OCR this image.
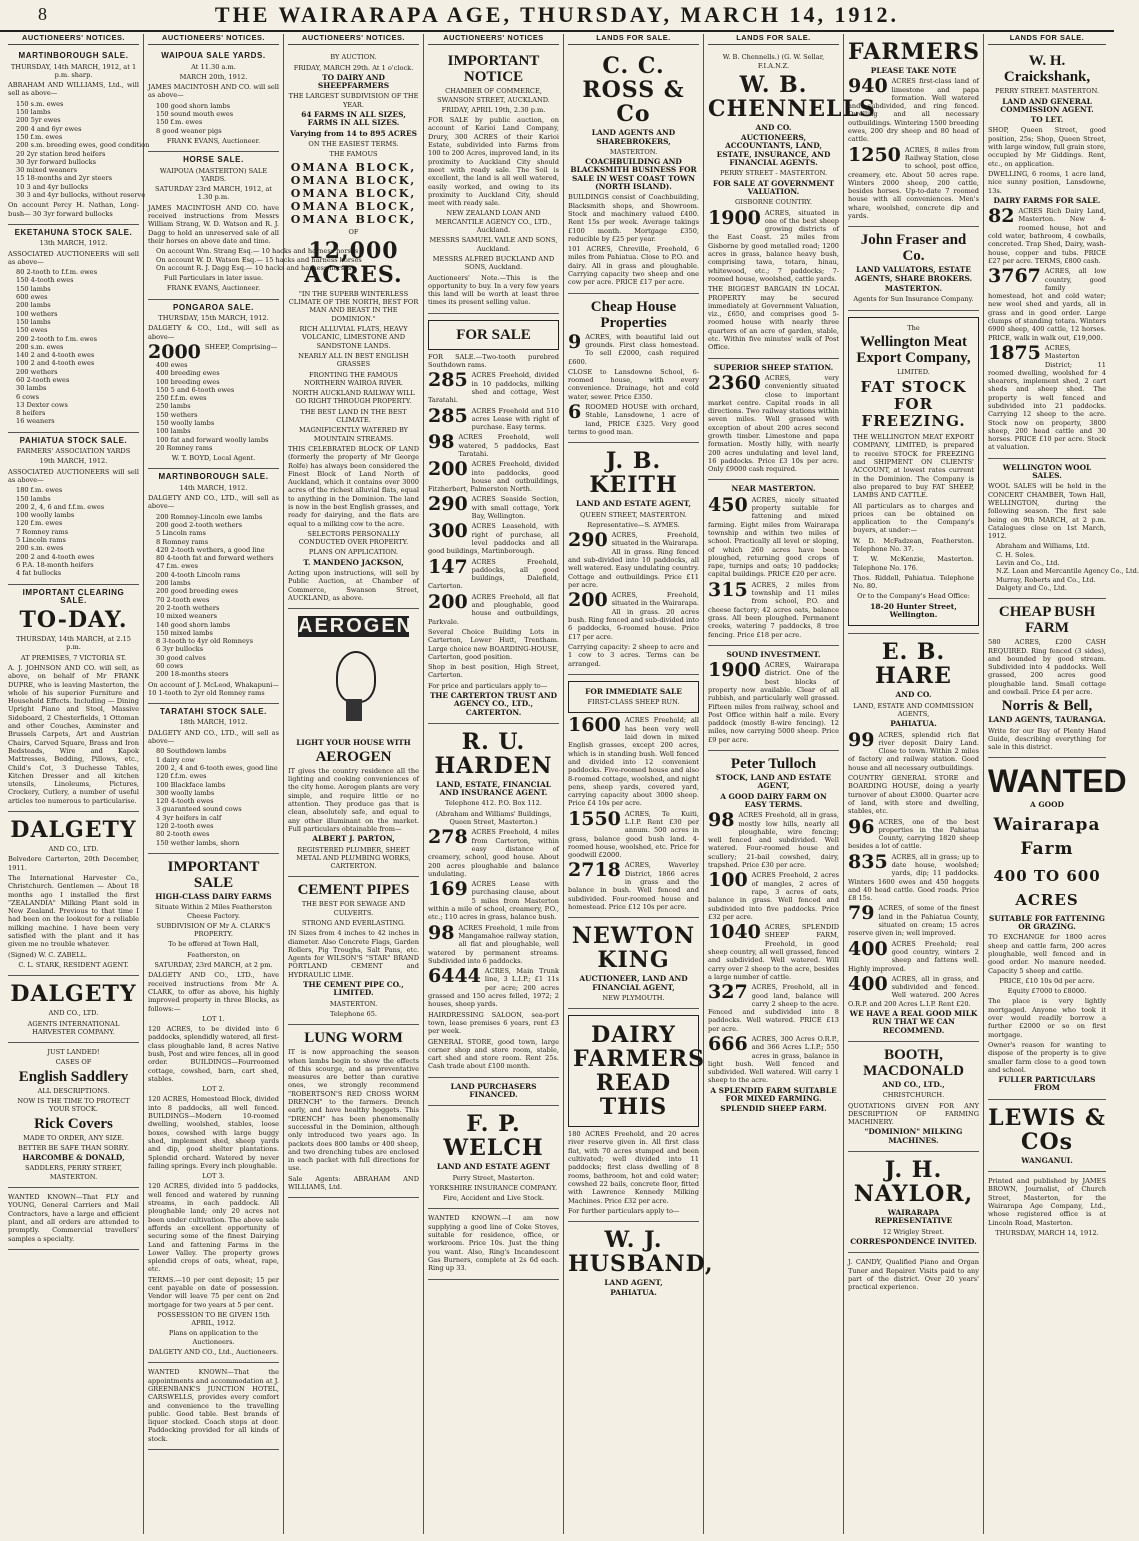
8	THE WAIRARAPA AGE, THURSDAY, MARCH 14, 1912.
AUCTIONEERS' NOTICES.
MARTINBOROUGH SALE.

THURSDAY, 14th MARCH, 1912, at 1 p.m. sharp.

ABRAHAM AND WILLIAMS, Ltd., will sell as above—

150 s.m. ewes
150 lambs
200 5yr ewes
200 4 and 6yr ewes
150 f.m. ewes
200 s.m. breeding ewes, good condition
20 2yr station bred heifers
30 3yr forward bullocks
30 mixed weaners
15 18-months and 2yr steers
10 3 and 4yr bullocks
30 3 and 4yr bullocks, without reserve

On account Percy H. Nathan, Long-bush— 30 3yr forward bullocks

EKETAHUNA STOCK SALE.

13th MARCH, 1912.

ASSOCIATED AUCTIONEERS will sell as above—

80 2-tooth to f.f.m. ewes
150 4-tooth ewes
150 lambs
600 ewes
200 lambs
100 wethers
150 lambs
150 ewes
200 2-tooth to f.m. ewes
200 s.m. ewes
140 2 and 4-tooth ewes
100 2 and 4-tooth ewes
200 wethers
60 2-tooth ewes
30 lambs
6 cows
13 Dexter cows
8 heifers
16 weaners
PAHIATUA STOCK SALE.

FARMERS' ASSOCIATION YARDS

19th MARCH, 1912.

ASSOCIATED AUCTIONEERS will sell as above—

180 f.m. ewes
150 lambs
200 2, 4, 6 and f.f.m. ewes
100 woolly lambs
120 f.m. ewes
7 Romney rams
5 Lincoln rams
200 s.m. ewes
200 2 and 4-tooth ewes
6 P.A. 18-month heifers
4 fat bullocks
IMPORTANT CLEARING SALE.
TO-DAY.

THURSDAY, 14th MARCH, at 2.15 p.m.

AT PREMISES, 7 VICTORIA ST.

A. J. JOHNSON AND CO. will sell, as above, on behalf of Mr FRANK DUPRE, who is leaving Masterton, the whole of his superior Furniture and Household Effects. Including — Dining Upright Piano and Stool, Massive Sideboard, 2 Chesterfields, 1 Ottoman and other Couches, Axminster and Brussels Carpets, Art and Austrian Chairs, Carved Square, Brass and Iron Bedsteads, Wire and Kapok Mattresses, Bedding, Pillows, etc., Child's Cot, 3 Duchesse Tables, Kitchen Dresser and all kitchen utensils, Linoleums, Pictures, Crockery, Cutlery, a number of useful articles too numerous to particularise.

DALGETY

AND CO., LTD.

Belvedere Carterton, 20th December, 1911.

The International Harvester Co., Christchurch. Gentlemen — About 18 months ago I installed the first "ZEALANDIA" Milking Plant sold in New Zealand. Previous to that time I had been on the lookout for a reliable milking machine. I have been very satisfied with the plant and it has given me no trouble whatever.

(Signed) W. C. ZABELL.

C. L. STARK, RESIDENT AGENT.

DALGETY

AND CO., LTD.

AGENTS INTERNATIONAL HARVESTER COMPANY.

JUST LANDED!

CASES OF

English Saddlery

ALL DESCRIPTIONS.

NOW IS THE TIME TO PROTECT YOUR STOCK.

Rick Covers

MADE TO ORDER, ANY SIZE.

BETTER BE SAFE THAN SORRY.

HARCOMBE & DONALD,

SADDLERS, PERRY STREET, MASTERTON.

WANTED KNOWN—That FLY and YOUNG, General Carriers and Mail Contractors, have a large and efficient plant, and all orders are attended to promptly. Commercial travellers' samples a specialty.

AUCTIONEERS' NOTICES.
WAIPOUA SALE YARDS.

At 11.30 a.m.

MARCH 20th, 1912.

JAMES MACINTOSH AND CO. will sell as above—

100 good shorn lambs
150 sound mouth ewes
150 f.m. ewes
8 good weaner pigs

FRANK EVANS, Auctioneer.

HORSE SALE.

WAIPOUA (MASTERTON) SALE YARDS.

SATURDAY 23rd MARCH, 1912, at 1.30 p.m.

JAMES MACINTOSH AND CO. have received instructions from Messrs William Strang, W. D. Watson and R. J. Dagg to hold an unreserved sale of all their horses on above date and time.

On account Wm. Strang Esq.— 10 hacks and harness horses
On account W. D. Watson Esq.— 15 hacks and harness horses
On account R. J. Dagg Esq.— 10 hacks and harness horses

Full Particulars in later issue.

FRANK EVANS, Auctioneer.

PONGAROA SALE.

THURSDAY, 15th MARCH, 1912.

DALGETY & CO., Ltd., will sell as above—

2000 SHEEP, Comprising—

400 ewes
400 breeding ewes
100 breeding ewes
150 5 and 6-tooth ewes
250 f.f.m. ewes
250 lambs
150 wethers
150 woolly lambs
100 lambs
100 fat and forward woolly lambs
20 Romney rams

W. T. BOYD, Local Agent.

MARTINBOROUGH SALE.

14th MARCH, 1912.

DALGETY AND CO., LTD., will sell as above—

200 Romney-Lincoln ewe lambs
200 good 2-tooth wethers
5 Lincoln rams
8 Romney rams
420 2-tooth wethers, a good line
80 4-tooth fat and forward wethers
47 f.m. ewes
200 4-tooth Lincoln rams
200 lambs
200 good breeding ewes
70 2-tooth ewes
20 2-tooth wethers
10 mixed weaners
140 good shorn lambs
150 mixed lambs
8 3-tooth to 4yr old Romneys
6 3yr bullocks
30 good calves
60 cows
200 18-months steers

On account of J. McLeod, Whakapuni— 10 1-tooth to 2yr old Romney rams

TARATAHI STOCK SALE.

18th MARCH, 1912.

DALGETY AND CO., LTD., will sell as above—

80 Southdown lambs
1 dairy cow
200 2, 4 and 6-tooth ewes, good line
120 f.f.m. ewes
100 Blackface lambs
300 woolly lambs
120 4-tooth ewes
3 guaranteed sound cows
4 3yr heifers in calf
120 2-tooth ewes
80 2-tooth ewes
150 wether lambs, shorn
IMPORTANT SALE

HIGH-CLASS DAIRY FARMS

Situate Within 2 Miles Featherston Cheese Factory.

SUBDIVISION OF Mr A. CLARK'S PROPERTY.

To be offered at Town Hall,

Featherston, on

SATURDAY, 23rd MARCH, at 2 pm.

DALGETY AND CO., LTD., have received instructions from Mr A. CLARK, to offer as above, his highly improved property in three Blocks, as follows:—

LOT 1.

120 ACRES, to be divided into 6 paddocks, splendidly watered, all first-class ploughable land, 8 acres Native bush, Post and wire fences, all in good order. BUILDINGS—Fourroomed cottage, cowshed, barn, cart shed, stables.

LOT 2.

120 ACRES, Homestead Block, divided into 8 paddocks, all well fenced. BUILDINGS—Modern 10-roomed dwelling, woolshed, stables, loose boxes, cowshed with large buggy shed, implement shed, sheep yards and dip, good shelter plantations. Splendid orchard. Watered by never failing springs. Every inch ploughable.

LOT 3.

120 ACRES, divided into 5 paddocks, well fenced and watered by running streams, in each paddock. All ploughable land; only 20 acres not been under cultivation. The above sale affords an excellent opportunity of securing some of the finest Dairying Land and fattening Farms in the Lower Valley. The property grows splendid crops of oats, wheat, rape, etc.

TERMS.—10 per cent deposit; 15 per cent payable on date of possession. Vendor will leave 75 per cent on 2nd mortgage for two years at 5 per cent.

POSSESSION TO BE GIVEN 15th APRIL, 1912.

Plans on application to the Auctioneers.

DALGETY AND CO., Ltd., Auctioneers.

WANTED KNOWN—That the appointments and accommodation at J. GREENBANK'S JUNCTION HOTEL, CARSWELLS, provides every comfort and convenience to the travelling public. Good table. Best brands of liquor stocked. Coach stops at door. Paddocking provided for all kinds of stock.

AUCTIONEERS' NOTICES.

BY AUCTION.

FRIDAY, MARCH 29th. At 1 o'clock.

TO DAIRY AND SHEEPFARMERS

THE LARGEST SUBDIVISION OF THE YEAR.

64 FARMS IN ALL SIZES, FARMS IN ALL SIZES.

Varying from 14 to 895 ACRES

ON THE EASIEST TERMS.

THE FAMOUS

OMANA BLOCK,
OMANA BLOCK,
OMANA BLOCK,
OMANA BLOCK,
OMANA BLOCK,

OF

12,000 ACRES.

"IN THE SUPERB WINTERLESS CLIMATE OF THE NORTH, BEST FOR MAN AND BEAST IN THE DOMINION."

RICH ALLUVIAL FLATS, HEAVY VOLCANIC, LIMESTONE AND SANDSTONE LANDS.

NEARLY ALL IN BEST ENGLISH GRASSES

FRONTING THE FAMOUS NORTHERN WAIROA RIVER.

NORTH AUCKLAND RAILWAY WILL GO RIGHT THROUGH PROPERTY.

THE BEST LAND IN THE BEST CLIMATE.

MAGNIFICENTLY WATERED BY MOUNTAIN STREAMS.

THIS CELEBRATED BLOCK OF LAND (formerly the property of Mr George Rolfe) has always been considered the Finest Block of Land North of Auckland, which it contains over 3000 acres of the richest alluvial flats, equal to anything in the Dominion. The land is now in the best English grasses, and ready for dairying, and the flats are equal to a milking cow to the acre.

SELECTORS PERSONALLY CONDUCTED OVER PROPERTY.

PLANS ON APPLICATION.

T. MANDENO JACKSON,

Acting upon instructions, will sell by Public Auction, at Chamber of Commerce, Swanson Street, AUCKLAND, as above.

AEROGEN

LIGHT YOUR HOUSE WITH

AEROGEN

IT gives the country residence all the lighting and cooking conveniences of the city home. Aerogen plants are very simple, and require little or no attention. They produce gas that is clean, absolutely safe, and equal to any other illuminant on the market. Full particulars obtainable from—

ALBERT J. PARTON,

REGISTERED PLUMBER, SHEET METAL AND PLUMBING WORKS, CARTERTON.

CEMENT PIPES

THE BEST FOR SEWAGE AND CULVERTS.

STRONG AND EVERLASTING.

IN Sizes from 4 inches to 42 inches in diameter. Also Concrete Flags, Garden Rollers, Pig Troughs, Salt Pans, etc. Agents for WILSON'S "STAR" BRAND PORTLAND CEMENT and HYDRAULIC LIME.

THE CEMENT PIPE CO., LIMITED.

MASTERTON.

Telephone 65.

LUNG WORM

IT is now approaching the season when lambs begin to show the effects of this scourge, and as preventative measures are better than curative ones, we strongly recommend "ROBERTSON'S RED CROSS WORM DRENCH" to the farmers. Drench early, and have healthy hoggets. This "DRENCH" has been phenomenally successful in the Dominion, although only introduced two years ago. In packets does 800 lambs or 400 sheep, and two drenching tubes are enclosed in each packet with full directions for use.

Sale Agents: ABRAHAM AND WILLIAMS, Ltd.

AUCTIONEERS' NOTICES
IMPORTANT NOTICE

CHAMBER OF COMMERCE, SWANSON STREET, AUCKLAND.

FRIDAY, APRIL 19th, 2.30 p.m.

FOR SALE by public auction, on account of Karioi Land Company, Drury, 300 ACRES of their Karioi Estate, subdivided into Farms from 100 to 200 Acres, improved land, in its proximity to Auckland City should meet with ready sale. The Soil is excellent, the land is all well watered, easily worked, and owing to its proximity to Auckland City, should meet with ready sale.

NEW ZEALAND LOAN AND MERCANTILE AGENCY CO., LTD., Auckland.

MESSRS SAMUEL VAILE AND SONS, Auckland.

MESSRS ALFRED BUCKLAND AND SONS, Auckland.

Auctioneers' Note.—This is the opportunity to buy. In a very few years this land will be worth at least three times its present selling value.

FOR SALE

FOR SALE.—Two-tooth purebred Southdown rams.

285 ACRES Freehold, divided in 10 paddocks, milking shed and cottage, West Taratahi.

285 ACRES Freehold and 510 acres Lease with right of purchase. Easy terms.

98 ACRES Freehold, well watered, 5 paddocks, East Taratahi.

200 ACRES Freehold, divided into paddocks, good house and outbuildings, Fitzherbert, Palmerston North.

290 ACRES Seaside Section, with small cottage, York Bay, Wellington.

300 ACRES Leasehold, with right of purchase, all level paddocks and all good buildings, Martinborough.

147 ACRES Freehold, paddocks, all good buildings, Dalefield, Carterton.

200 ACRES Freehold, all flat and ploughable, good house and outbuildings, Parkvale.

Several Choice Building Lots in Carterton, Lower Hutt, Trentham. Large choice new BOARDING-HOUSE, Carterton, good position.

Shop in best position, High Street, Carterton.

For price and particulars apply to—

THE CARTERTON TRUST AND AGENCY CO., LTD., CARTERTON.

R. U. HARDEN

LAND, ESTATE, FINANCIAL AND INSURANCE AGENT.

Telephone 412. P.O. Box 112.

(Abraham and Williams' Buildings, Queen Street, Masterton.)

278 ACRES Freehold, 4 miles from Carterton, within easy distance of creamery, school, good house. About 200 acres ploughable and balance undulating.

169 ACRES Lease with purchasing clause, about 5 miles from Masterton within a mile of school, creamery, P.O., etc.; 110 acres in grass, balance bush.

98 ACRES Freehold, 1 mile from Mangamahoe railway station, all flat and ploughable, well watered by permanent streams. Subdivided into 6 paddocks.

6444 ACRES, Main Trunk line, 3 L.I.P.; £1 11s per acre; 200 acres grassed and 150 acres felled, 1972; 2 houses, sheep yards.

HAIRDRESSING SALOON, sea-port town, lease premises 6 years, rent £3 per week.

GENERAL STORE, good town, large corner shop and store room, stable, cart shed and store room. Rent 25s. Cash trade about £100 month.

LAND PURCHASERS FINANCED.

F. P. WELCH

LAND AND ESTATE AGENT

Perry Street, Masterton.

YORKSHIRE INSURANCE COMPANY.

Fire, Accident and Live Stock.

WANTED KNOWN.—I am now supplying a good line of Coke Stoves, suitable for residence, office, or workroom. Price 10s. Just the thing you want. Also, Ring's Incandescent Gas Burners, complete at 2s 6d each. Ring up 33.

LANDS FOR SALE.
C. C. ROSS & Co

LAND AGENTS AND SHAREBROKERS,

MASTERTON.

COACHBUILDING AND BLACKSMITH BUSINESS FOR SALE IN WEST COAST TOWN (NORTH ISLAND).

BUILDINGS consist of Coachbuilding, Blacksmith shops, and Showroom. Stock and machinery valued £400. Rent 15s per week. Average takings £100 month. Mortgage £350, reducible by £25 per year.

101 ACRES, Chreville, Freehold, 6 miles from Pahiatua. Close to P.O. and dairy. All in grass and ploughable. Carrying capacity two sheep and one cow per acre. PRICE £17 per acre.

Cheap House Properties

9 ACRES, with beautiful laid out grounds. First class homestead. To sell £2000, cash required £600.

CLOSE to Lansdowne School, 6-roomed house, with every convenience. Drainage, hot and cold water, sewer. Price £350.

6 ROOMED HOUSE with orchard, Stable, Lansdowne, 1 acre of land, PRICE £325. Very good terms to good man.

J. B. KEITH

LAND AND ESTATE AGENT,

QUEEN STREET, MASTERTON.

Representative—S. AYMES.

290 ACRES, Freehold, situated in the Wairarapa. All in grass. Ring fenced and sub-divided into 10 paddocks, all well watered. Easy undulating country. Cottage and outbuildings. Price £11 per acre.

200 ACRES, Freehold, situated in the Wairarapa. All in grass. 20 acres bush. Ring fenced and sub-divided into 6 paddocks, 6-roomed house. Price £17 per acre.

Carrying capacity: 2 sheep to acre and 1 cow to 3 acres. Terms can be arranged.

FOR IMMEDIATE SALE

FIRST-CLASS SHEEP RUN.

1600 ACRES Freehold; all has been very well laid down in mixed English grasses, except 200 acres, which is in standing bush. Well fenced and divided into 12 convenient paddocks. Five-roomed house and also 8-roomed cottage, woolshed, and night pens, sheep yards, covered yard, carrying capacity about 3000 sheep. Price £4 10s per acre.

1550 ACRES, Te Kuiti, L.I.P. Rent £30 per annum. 500 acres in grass, balance good bush land. 4-roomed house, woolshed, etc. Price for goodwill £2000.

2718 ACRES, Waverley District, 1866 acres in grass and the balance in bush. Well fenced and subdivided. Four-roomed house and homestead. Price £12 10s per acre.

NEWTON KING

AUCTIONEER, LAND AND FINANCIAL AGENT,

NEW PLYMOUTH.

DAIRY FARMERS READ THIS

180 ACRES Freehold, and 20 acres river reserve given in. All first class flat, with 70 acres stumped and been cultivated; well divided into 11 paddocks; first class dwelling of 8 rooms, bathroom, hot and cold water; cowshed 22 bails, concrete floor, fitted with Lawrence Kennedy Milking Machines. Price £32 per acre.

For further particulars apply to—

W. J. HUSBAND,

LAND AGENT,

PAHIATUA.

LANDS FOR SALE.

W. B. Chennells.) (G. W. Sellar, F.I.A.N.Z.

W. B. CHENNELLS

AND CO.

AUCTIONEERS, ACCOUNTANTS, LAND, ESTATE, INSURANCE, AND FINANCIAL AGENTS.

PERRY STREET - MASTERTON.

FOR SALE AT GOVERNMENT VALUATION.

GISBORNE COUNTRY.

1900 ACRES, situated in one of the best sheep growing districts of the East Coast. 25 miles from Gisborne by good metalled road; 1200 acres in grass, balance heavy bush, comprising tawa, totara, hinau, whitewood, etc.; 7 paddocks; 7-roomed house, woolshed, cattle yards.

THE BIGGEST BARGAIN IN LOCAL PROPERTY may be secured immediately at Government Valuation, viz., £650, and comprises good 5-roomed house with nearly three quarters of an acre of garden, stable, etc. Within five minutes' walk of Post Office.

SUPERIOR SHEEP STATION.

2360 ACRES, very conveniently situated close to important market centre. Capital roads in all directions. Two railway stations within seven miles. Well grassed with exception of about 200 acres second growth timber. Limestone and papa formation. Mostly hilly, with nearly 200 acres undulating and level land, 16 paddocks. Price £3 10s per acre. Only £9000 cash required.

NEAR MASTERTON.

450 ACRES, nicely situated property suitable for fattening and mixed farming. Eight miles from Wairarapa township and within two miles of school. Practically all level or sloping, of which 260 acres have been ploughed, returning good crops of rape, turnips and oats; 10 paddocks; capital buildings. PRICE £20 per acre.

315 ACRES, 2 miles from township and 11 miles from school, P.O. and cheese factory; 42 acres oats, balance grass. All been ploughed. Permanent creeks, watering 7 paddocks, 8 tree fencing. Price £18 per acre.

SOUND INVESTMENT.

1900 ACRES, Wairarapa district. One of the best blocks of property now available. Clear of all rubbish, and particularly well grassed. Fifteen miles from railway, school and Post Office within half a mile. Every paddock (mostly 8-wire fencing). 12 miles, now carrying 5000 sheep. Price £9 per acre.

Peter Tulloch

STOCK, LAND AND ESTATE AGENT,

A GOOD DAIRY FARM ON EASY TERMS.

98 ACRES Freehold, all in grass, mostly low hills, nearly all ploughable, wire fencing; well fenced and subdivided. Well watered. Four-roomed house and scullery; 21-bail cowshed, dairy, trapshed. Price £30 per acre.

100 ACRES Freehold, 2 acres of mangles, 2 acres of rape, 3 acres of oats, balance in grass. Well fenced and subdivided into five paddocks. Price £32 per acre.

1040 ACRES, SPLENDID SHEEP FARM, Freehold, in good sheep country, all well grassed, fenced and subdivided. Well watered. Will carry over 2 sheep to the acre, besides a large number of cattle.

327 ACRES, Freehold, all in good land, balance will carry 2 sheep to the acre. Fenced and subdivided into 8 paddocks. Well watered. PRICE £13 per acre.

666 ACRES, 300 Acres O.R.P., and 366 Acres L.I.P.; 550 acres in grass, balance in light bush. Well fenced and subdivided. Well watered. Will carry 1 sheep to the acre.

A SPLENDID FARM SUITABLE FOR MIXED FARMING.

SPLENDID SHEEP FARM.

FARMERS

PLEASE TAKE NOTE

940 ACRES first-class land of limestone and papa formation. Well watered and subdivided, and ring fenced. Dwelling and all necessary outbuildings. Wintering 1500 breeding ewes, 200 dry sheep and 80 head of cattle.

1250 ACRES, 8 miles from Railway Station, close to school, post office, creamery, etc. About 50 acres rape. Winters 2000 sheep, 200 cattle, besides horses. Up-to-date 7 roomed house with all conveniences. Men's whare, woolshed, concrete dip and yards.

John Fraser and Co.

LAND VALUATORS, ESTATE AGENTS, SHARE BROKERS.

MASTERTON.

Agents for Sun Insurance Company.

The

Wellington Meat Export Company,

LIMITED.

FAT STOCK FOR FREEZING.

THE WELLINGTON MEAT EXPORT COMPANY, LIMITED, is prepared to receive STOCK for FREEZING and SHIPMENT ON CLIENTS' ACCOUNT, at lowest rates current in the Dominion. The Company is also prepared to buy FAT SHEEP, LAMBS AND CATTLE.

All particulars as to charges and prices can be obtained on application to the Company's buyers, at under:—

W. D. McFadzean, Featherston. Telephone No. 37.

T. W. McKenzie, Masterton. Telephone No. 176.

Thos. Riddell, Pahiatua. Telephone No. 80.

Or to the Company's Head Office:

18-20 Hunter Street, Wellington.

E. B. HARE

AND CO.

LAND, ESTATE AND COMMISSION AGENTS,

PAHIATUA.

99 ACRES, splendid rich flat river deposit Dairy Land. Close to town. Within 2 miles of factory and railway station. Good house and all necessary outbuildings.

COUNTRY GENERAL STORE and BOARDING HOUSE, doing a yearly turnover of about £3000. Quarter acre of land, with store and dwelling, stables, etc.

96 ACRES, one of the best properties in the Pahiatua County, carrying 1820 sheep besides a lot of cattle.

835 ACRES, all in grass; up to date house, woolshed; yards, dip; 11 paddocks. Winters 1600 ewes and 450 hoggets and 40 head cattle. Good roads. Price £8 15s.

79 ACRES, of some of the finest land in the Pahiatua County, situated on cream; 15 acres reserve given in; well improved.

400 ACRES Freehold; real good country, winters 2 sheep and fattens well. Highly improved.

400 ACRES, all in grass, and subdivided and fenced. Well watered. 200 Acres O.R.P. and 200 Acres L.I.P. Rent £20.

WE HAVE A REAL GOOD MILK RUN THAT WE CAN RECOMMEND.

BOOTH, MACDONALD

AND CO., LTD.,

CHRISTCHURCH.

QUOTATIONS GIVEN FOR ANY DESCRIPTION OF FARMING MACHINERY.

"DOMINION" MILKING MACHINES.

J. H. NAYLOR,

WAIRARAPA REPRESENTATIVE

12 Wrigley Street.

CORRESPONDENCE INVITED.

J. CANDY, Qualified Piano and Organ Tuner and Repairer. Visits paid to any part of the district. Over 20 years' practical experience.

LANDS FOR SALE.
W. H. Craickshank,

PERRY STREET. MASTERTON.

LAND AND GENERAL COMMISSION AGENT.

TO LET.

SHOP, Queen Street, good position, 25s; Shop, Queen Street, with large window, full grain store, occupied by Mr Giddings. Rent, etc., on application.

DWELLING, 6 rooms, 1 acre land, nice sunny position, Lansdowne, 13s.

DAIRY FARMS FOR SALE.

82 ACRES Rich Dairy Land, Masterton. New 4-roomed house, hot and cold water, bathroom, 4 cowbails, concreted. Trap Shed, Dairy, wash-house, copper and tubs. PRICE £27 per acre. TERMS, £800 cash.

3767 ACRES, all low country, good family homestead, hot and cold water; new wool shed and yards, all in grass and in good order. Large clumps of standing totara. Winters 6900 sheep, 400 cattle, 12 horses. PRICE, walk in walk out, £19,000.

1875 ACRES, Masterton District; 11 roomed dwelling, woolshed for 4 shearers, implement shed, 2 cart sheds and sheep shed. The property is well fenced and subdivided into 21 paddocks. Carrying 12 sheep to the acre. Stock now on property, 3800 sheep, 200 head cattle and 30 horses. PRICE £10 per acre. Stock at valuation.

WELLINGTON WOOL SALES.

WOOL SALES will be held in the CONCERT CHAMBER, Town Hall, WELLINGTON, during the following season. The first sale being on 9th MARCH, at 2 p.m. Catalogues close on 1st March, 1912.

Abraham and Williams, Ltd.
C. H. Soles.
Levin and Co., Ltd.
N.Z. Loan and Mercantile Agency Co., Ltd.
Murray, Roberts and Co., Ltd.
Dalgety and Co., Ltd.
CHEAP BUSH FARM

580 ACRES, £200 CASH REQUIRED. Ring fenced (3 sides), and bounded by good stream. Subdivided into 4 paddocks. Well grassed, 200 acres good ploughable land. Small cottage and cowbail. Price £4 per acre.

Norris & Bell,

LAND AGENTS, TAURANGA.

Write for our Bay of Plenty Hand Guide, describing everything for sale in this district.

WANTED

A GOOD

Wairarapa Farm
400 TO 600 ACRES

SUITABLE FOR FATTENING OR GRAZING.

TO EXCHANGE for 1800 acres sheep and cattle farm, 200 acres ploughable, well fenced and in good order. No manure needed. Capacity 5 sheep and cattle.

PRICE, £10 10s 0d per acre.

Equity £7000 to £8000.

The place is very lightly mortgaged. Anyone who took it over would readily borrow a further £2000 or so on first mortgage.

Owner's reason for wanting to dispose of the property is to give smaller farm close to a good town and school.

FULLER PARTICULARS FROM

LEWIS & COs

WANGANUI.

Printed and published by JAMES BROWN, Journalist, of Church Street, Masterton, for the Wairarapa Age Company, Ltd., whose registered office is at Lincoln Road, Masterton.

THURSDAY, MARCH 14, 1912.
